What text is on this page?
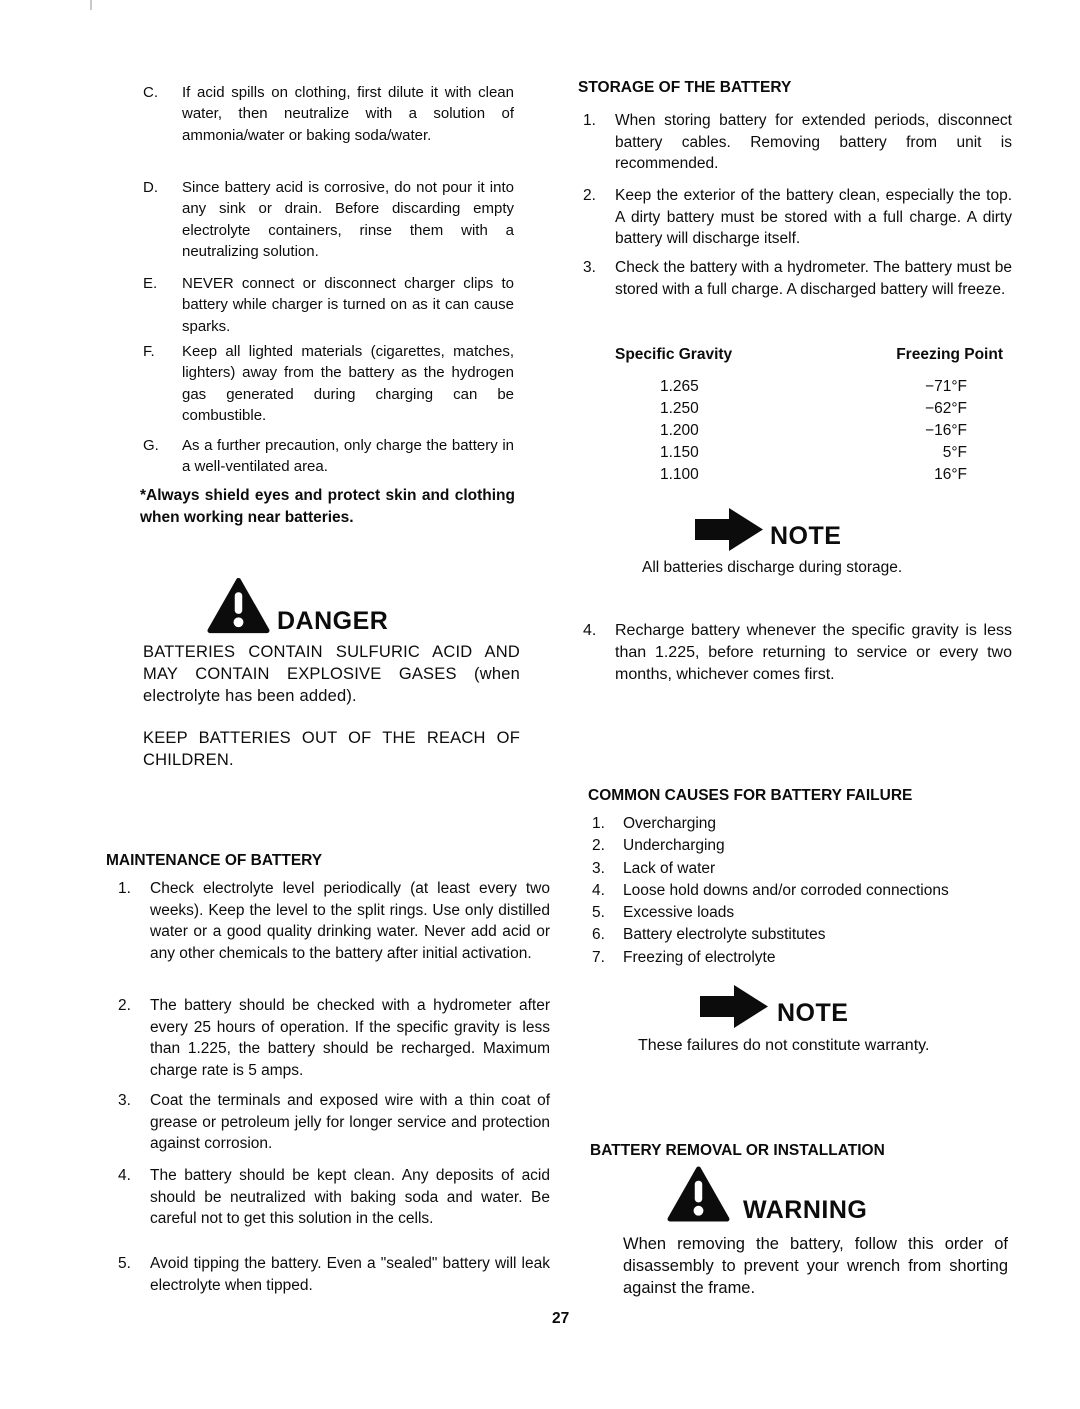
C.	If acid spills on clothing, first dilute it with clean water, then neutralize with a solution of ammonia/water or baking soda/water.
D.	Since battery acid is corrosive, do not pour it into any sink or drain. Before discarding empty electrolyte containers, rinse them with a neutralizing solution.
E.	NEVER connect or disconnect charger clips to battery while charger is turned on as it can cause sparks.
F.	Keep all lighted materials (cigarettes, matches, lighters) away from the battery as the hydrogen gas generated during charging can be combustible.
G.	As a further precaution, only charge the battery in a well-ventilated area.
*Always shield eyes and protect skin and clothing when working near batteries.
DANGER
BATTERIES CONTAIN SULFURIC ACID AND MAY CONTAIN EXPLOSIVE GASES (when electrolyte has been added).
KEEP BATTERIES OUT OF THE REACH OF CHILDREN.
MAINTENANCE OF BATTERY
1.	Check electrolyte level periodically (at least every two weeks). Keep the level to the split rings. Use only distilled water or a good quality drinking water. Never add acid or any other chemicals to the battery after initial activation.
2.	The battery should be checked with a hydrometer after every 25 hours of operation. If the specific gravity is less than 1.225, the battery should be recharged. Maximum charge rate is 5 amps.
3.	Coat the terminals and exposed wire with a thin coat of grease or petroleum jelly for longer service and protection against corrosion.
4.	The battery should be kept clean. Any deposits of acid should be neutralized with baking soda and water. Be careful not to get this solution in the cells.
5.	Avoid tipping the battery. Even a "sealed" battery will leak electrolyte when tipped.
STORAGE OF THE BATTERY
1.	When storing battery for extended periods, disconnect battery cables. Removing battery from unit is recommended.
2.	Keep the exterior of the battery clean, especially the top. A dirty battery must be stored with a full charge. A dirty battery will discharge itself.
3.	Check the battery with a hydrometer. The battery must be stored with a full charge. A discharged battery will freeze.
Specific Gravity	Freezing Point
1.265	−71°F
1.250	−62°F
1.200	−16°F
1.150	5°F
1.100	16°F
NOTE
All batteries discharge during storage.
4.	Recharge battery whenever the specific gravity is less than 1.225, before returning to service or every two months, whichever comes first.
COMMON CAUSES FOR BATTERY FAILURE
1.	Overcharging
2.	Undercharging
3.	Lack of water
4.	Loose hold downs and/or corroded connections
5.	Excessive loads
6.	Battery electrolyte substitutes
7.	Freezing of electrolyte
NOTE
These failures do not constitute warranty.
BATTERY REMOVAL OR INSTALLATION
WARNING
When removing the battery, follow this order of disassembly to prevent your wrench from shorting against the frame.
27
